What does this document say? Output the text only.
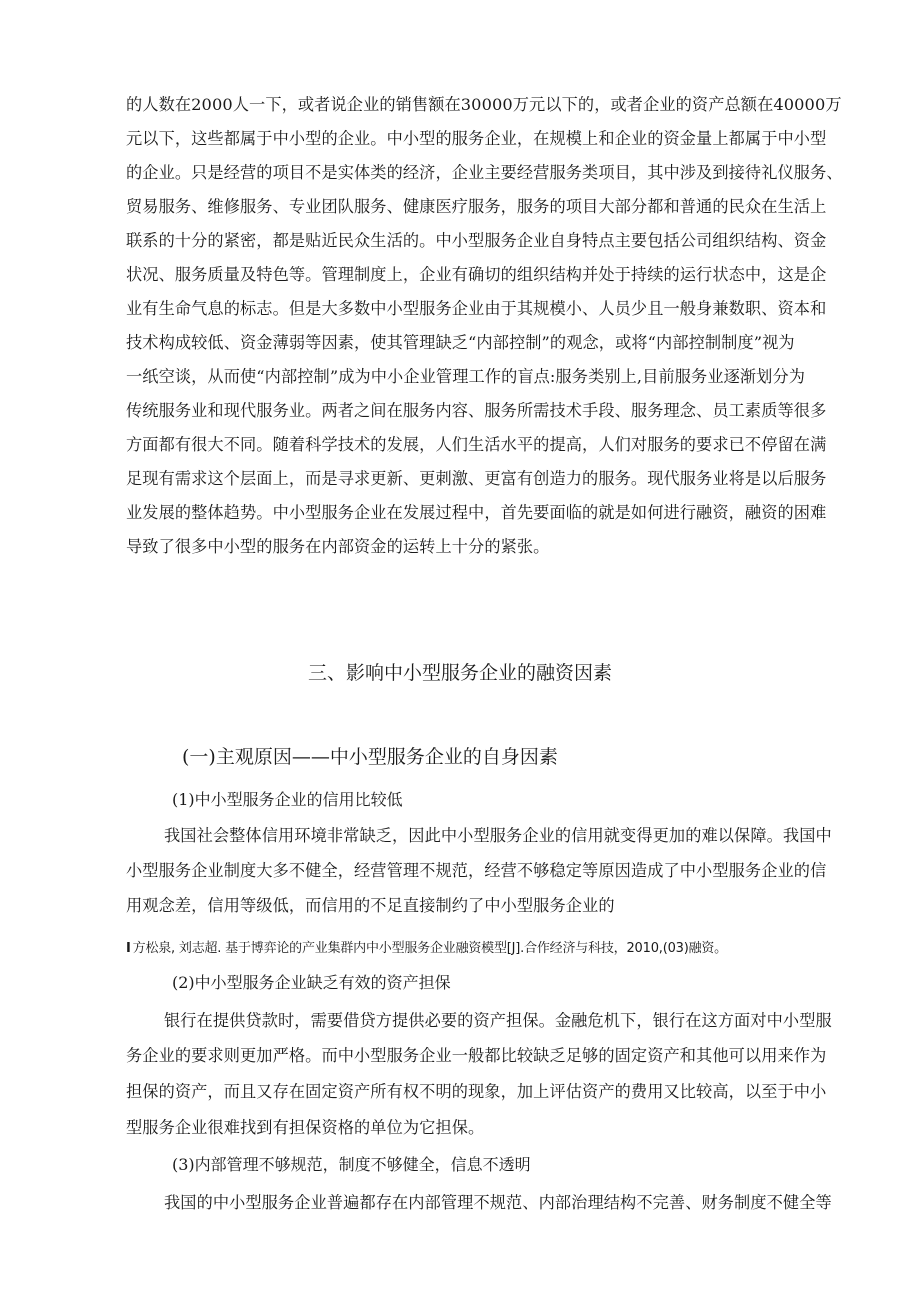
的人数在2000人一下，或者说企业的销售额在30000万元以下的，或者企业的资产总额在40000万
元以下，这些都属于中小型的企业。中小型的服务企业，在规模上和企业的资金量上都属于中小型
的企业。只是经营的项目不是实体类的经济，企业主要经营服务类项目，其中涉及到接待礼仪服务、
贸易服务、维修服务、专业团队服务、健康医疗服务，服务的项目大部分都和普通的民众在生活上
联系的十分的紧密，都是贴近民众生活的。中小型服务企业自身特点主要包括公司组织结构、资金
状况、服务质量及特色等。管理制度上，企业有确切的组织结构并处于持续的运行状态中，这是企
业有生命气息的标志。但是大多数中小型服务企业由于其规模小、人员少且一般身兼数职、资本和
技术构成较低、资金薄弱等因素，使其管理缺乏“内部控制”的观念，或将“内部控制制度”视为
一纸空谈，从而使“内部控制”成为中小企业管理工作的盲点:服务类别上,目前服务业逐渐划分为
传统服务业和现代服务业。两者之间在服务内容、服务所需技术手段、服务理念、员工素质等很多
方面都有很大不同。随着科学技术的发展，人们生活水平的提高，人们对服务的要求已不停留在满
足现有需求这个层面上，而是寻求更新、更刺激、更富有创造力的服务。现代服务业将是以后服务
业发展的整体趋势。中小型服务企业在发展过程中，首先要面临的就是如何进行融资，融资的困难
导致了很多中小型的服务在内部资金的运转上十分的紧张。
三、影响中小型服务企业的融资因素
(一)主观原因——中小型服务企业的自身因素
(1)中小型服务企业的信用比较低
我国社会整体信用环境非常缺乏，因此中小型服务企业的信用就变得更加的难以保障。我国中
小型服务企业制度大多不健全，经营管理不规范，经营不够稳定等原因造成了中小型服务企业的信
用观念差，信用等级低，而信用的不足直接制约了中小型服务企业的
I 方松泉, 刘志超. 基于博弈论的产业集群内中小型服务企业融资模型[J].合作经济与科技，2010,(03)融资。
(2)中小型服务企业缺乏有效的资产担保
银行在提供贷款时，需要借贷方提供必要的资产担保。金融危机下，银行在这方面对中小型服
务企业的要求则更加严格。而中小型服务企业一般都比较缺乏足够的固定资产和其他可以用来作为
担保的资产，而且又存在固定资产所有权不明的现象，加上评估资产的费用又比较高，以至于中小
型服务企业很难找到有担保资格的单位为它担保。
(3)内部管理不够规范，制度不够健全，信息不透明
我国的中小型服务企业普遍都存在内部管理不规范、内部治理结构不完善、财务制度不健全等
